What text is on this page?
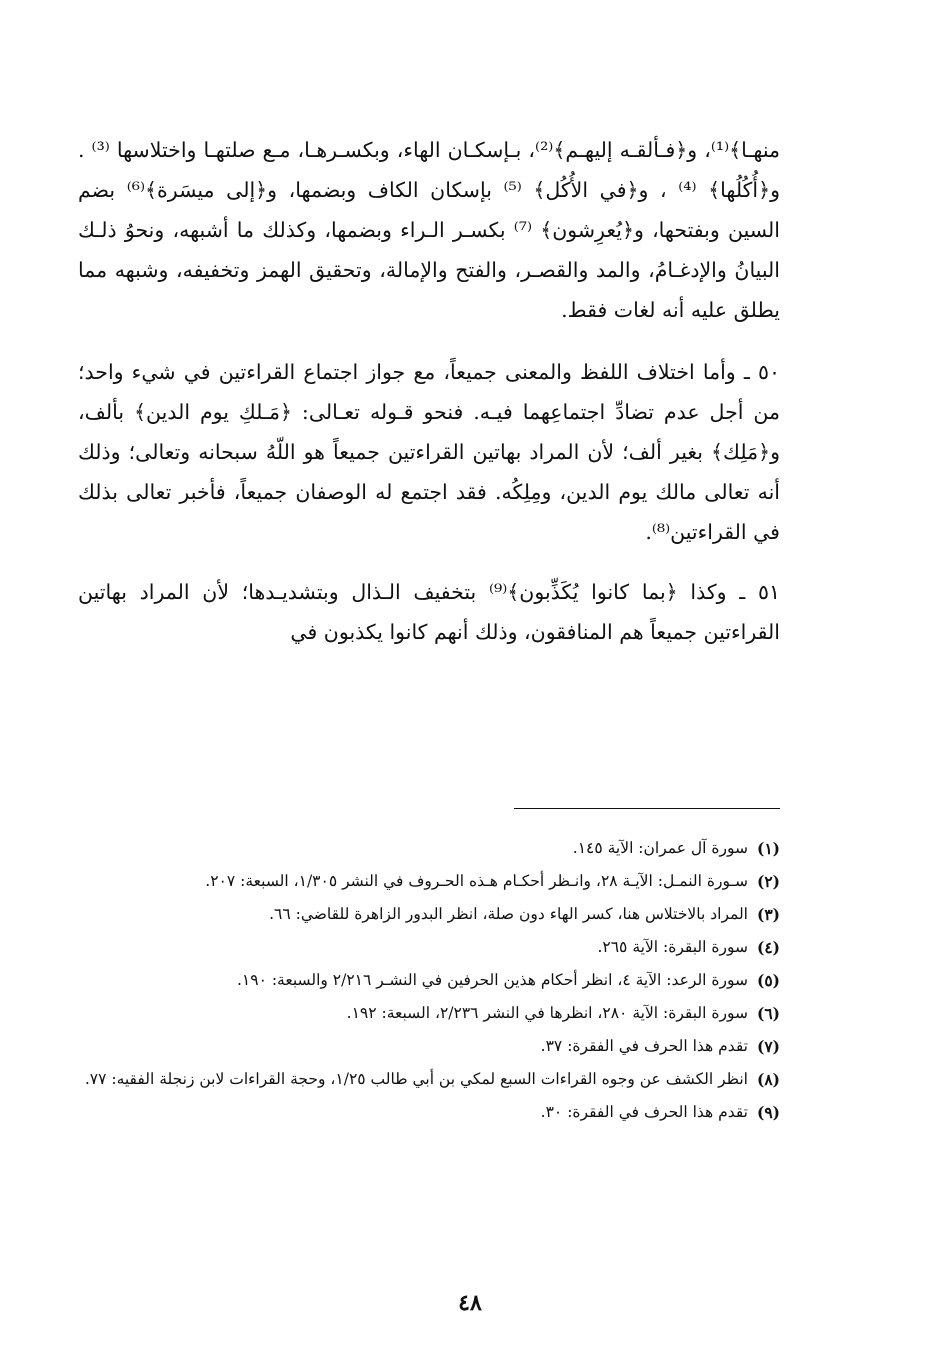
منهـا﴾⁽¹⁾، و﴿فـألقـه إليهـم﴾⁽²⁾، بـإسكـان الهاء، وبكسـرهـا، مـع صلتهـا واختلاسها ⁽³⁾ . و﴿أُكُلُها﴾ ⁽⁴⁾ ، و﴿في الأُكُل﴾ ⁽⁵⁾ بإسكان الكاف وبضمها، و﴿إلى ميسَرة﴾⁽⁶⁾ بضم السين وبفتحها، و﴿يُعرِشون﴾ ⁽⁷⁾ بكسـر الـراء وبضمها، وكذلك ما أشبهه، ونحوُ ذلـك البيانُ والإدغـامُ، والمد والقصـر، والفتح والإمالة، وتحقيق الهمز وتخفيفه، وشبهه مما يطلق عليه أنه لغات فقط.

٥٠ ـ وأما اختلاف اللفظ والمعنى جميعاً، مع جواز اجتماع القراءتين في شيء واحد؛ من أجل عدم تضادِّ اجتماعِهما فيـه. فنحو قـوله تعـالى: ﴿مَـلكِ يوم الدين﴾ بألف، و﴿مَلِك﴾ بغير ألف؛ لأن المراد بهاتين القراءتين جميعاً هو اللّهُ سبحانه وتعالى؛ وذلك أنه تعالى مالك يوم الدين، ومِلِكُه. فقد اجتمع له الوصفان جميعاً، فأخبر تعالى بذلك في القراءتين⁽⁸⁾.

٥١ ـ وكذا ﴿بما كانوا يُكَذِّبون﴾⁽⁹⁾ بتخفيف الـذال وبتشديـدها؛ لأن المراد بهاتين القراءتين جميعاً هم المنافقون، وذلك أنهم كانوا يكذبون في

(١)
سورة آل عمران: الآية ١٤٥.
(٢)
سـورة النمـل: الآيـة ٢٨، وانـظر أحكـام هـذه الحـروف في النشر ١/٣٠٥، السبعة: ٢٠٧.
(٣)
المراد بالاختلاس هنا، كسر الهاء دون صلة، انظر البدور الزاهرة للقاضي: ٦٦.
(٤)
سورة البقرة: الآية ٢٦٥.
(٥)
سورة الرعد: الآية ٤، انظر أحكام هذين الحرفين في النشـر ٢/٢١٦ والسبعة: ١٩٠.
(٦)
سورة البقرة: الآية ٢٨٠، انظرها في النشر ٢/٢٣٦، السبعة: ١٩٢.
(٧)
تقدم هذا الحرف في الفقرة: ٣٧.
(٨)
انظر الكشف عن وجوه القراءات السبع لمكي بن أبي طالب ١/٢٥، وحجة القراءات لابن زنجلة الفقيه: ٧٧.
(٩)
تقدم هذا الحرف في الفقرة: ٣٠.
٤٨
